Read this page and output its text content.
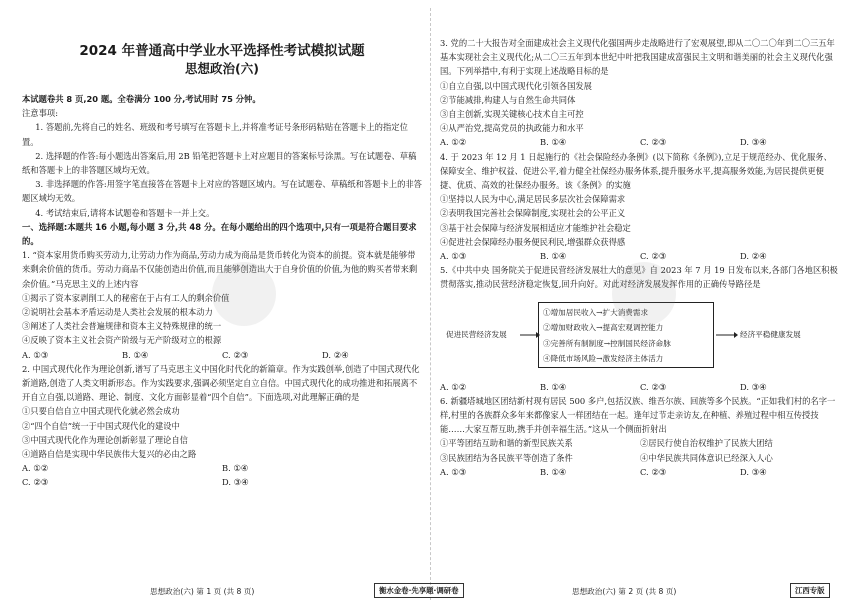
2024 年普通高中学业水平选择性考试模拟试题
思想政治(六)

本试题卷共 8 页,20 题。全卷满分 100 分,考试用时 75 分钟。

注意事项:

1. 答题前,先将自己的姓名、班级和考号填写在答题卡上,并将准考证号条形码粘贴在答题卡上的指定位置。

2. 选择题的作答:每小题选出答案后,用 2B 铅笔把答题卡上对应题目的答案标号涂黑。写在试题卷、草稿纸和答题卡上的非答题区域均无效。

3. 非选择题的作答:用签字笔直接答在答题卡上对应的答题区域内。写在试题卷、草稿纸和答题卡上的非答题区域均无效。

4. 考试结束后,请将本试题卷和答题卡一并上交。

一、选择题:本题共 16 小题,每小题 3 分,共 48 分。在每小题给出的四个选项中,只有一项是符合题目要求的。

1. “资本家用货币购买劳动力,让劳动力作为商品,劳动力成为商品是货币转化为资本的前提。资本就是能够带来剩余价值的货币。劳动力商品不仅能创造出价值,而且能够创造出大于自身价值的价值,为他的购买者带来剩余价值。”马克思主义的上述内容

①揭示了资本家剥削工人的秘密在于占有工人的剩余价值

②说明社会基本矛盾运动是人类社会发展的根本动力

③阐述了人类社会普遍规律和资本主义特殊规律的统一

④反映了资本主义社会资产阶级与无产阶级对立的根源

A. ①③	B. ①④	C. ②③	D. ②④

2. 中国式现代化作为理论创新,谱写了马克思主义中国化时代化的新篇章。作为实践创举,创造了中国式现代化新道路,创造了人类文明新形态。作为实践要求,强调必须坚定自立自信。中国式现代化的成功推进和拓展离不开自立自强,以道路、理论、制度、文化方面彰显着“四个自信”。下面选项,对此理解正确的是

①只要自信自立中国式现代化就必然会成功

②“四个自信”统一于中国式现代化的建设中

③中国式现代化作为理论创新彰显了理论自信

④道路自信是实现中华民族伟大复兴的必由之路

A. ①②	B. ①④
C. ②③	D. ③④

3. 党的二十大报告对全面建成社会主义现代化强国两步走战略进行了宏观展望,即从二〇二〇年到二〇三五年基本实现社会主义现代化;从二〇三五年到本世纪中叶把我国建成富强民主文明和谐美丽的社会主义现代化强国。下列举措中,有利于实现上述战略目标的是

①自立自强,以中国式现代化引领各国发展

②节能减排,构建人与自然生命共同体

③自主创新,实现关键核心技术自主可控

④从严治党,提高党员的执政能力和水平

A. ①②	B. ①④	C. ②③	D. ③④

4. 于 2023 年 12 月 1 日起施行的《社会保险经办条例》(以下简称《条例》),立足于规范经办、优化服务、保障安全、维护权益、促进公平,着力健全社保经办服务体系,提升服务水平,提高服务效能,为居民提供更便捷、优质、高效的社保经办服务。该《条例》的实施

①坚持以人民为中心,满足居民多层次社会保障需求

②表明我国完善社会保障制度,实现社会的公平正义

③基于社会保障与经济发展相适应才能维护社会稳定

④促进社会保障经办服务便民利民,增强群众获得感

A. ①③	B. ①④	C. ②③	D. ②④

5.《中共中央 国务院关于促进民营经济发展壮大的意见》自 2023 年 7 月 19 日发布以来,各部门各地区积极贯彻落实,推动民营经济稳定恢复,回升向好。对此对经济发展发挥作用的正确传导路径是

促进民营经济发展
①增加居民收入→扩大消费需求
②增加财政收入→提高宏观调控能力
③完善所有制制度→控制国民经济命脉
④降低市场风险→激发经济主体活力
经济平稳健康发展
A. ①②	B. ①④	C. ②③	D. ③④

6. 新疆塔城地区团结新村现有居民 500 多户,包括汉族、维吾尔族、回族等多个民族。“正如我们村的名字一样,村里的各族群众多年来都像家人一样团结在一起。逢年过节走亲访友,在种植、养殖过程中相互传授技能……大家互帮互助,携手并创幸福生活。”这从一个侧面折射出

①平等团结互助和谐的新型民族关系	②居民行使自治权维护了民族大团结
③民族团结为各民族平等创造了条件	④中华民族共同体意识已经深入人心
A. ①③	B. ①④	C. ②③	D. ③④
思想政治(六) 第 1 页 (共 8 页)	衡水金卷·先享题·调研卷	思想政治(六) 第 2 页 (共 8 页)	江西专版
